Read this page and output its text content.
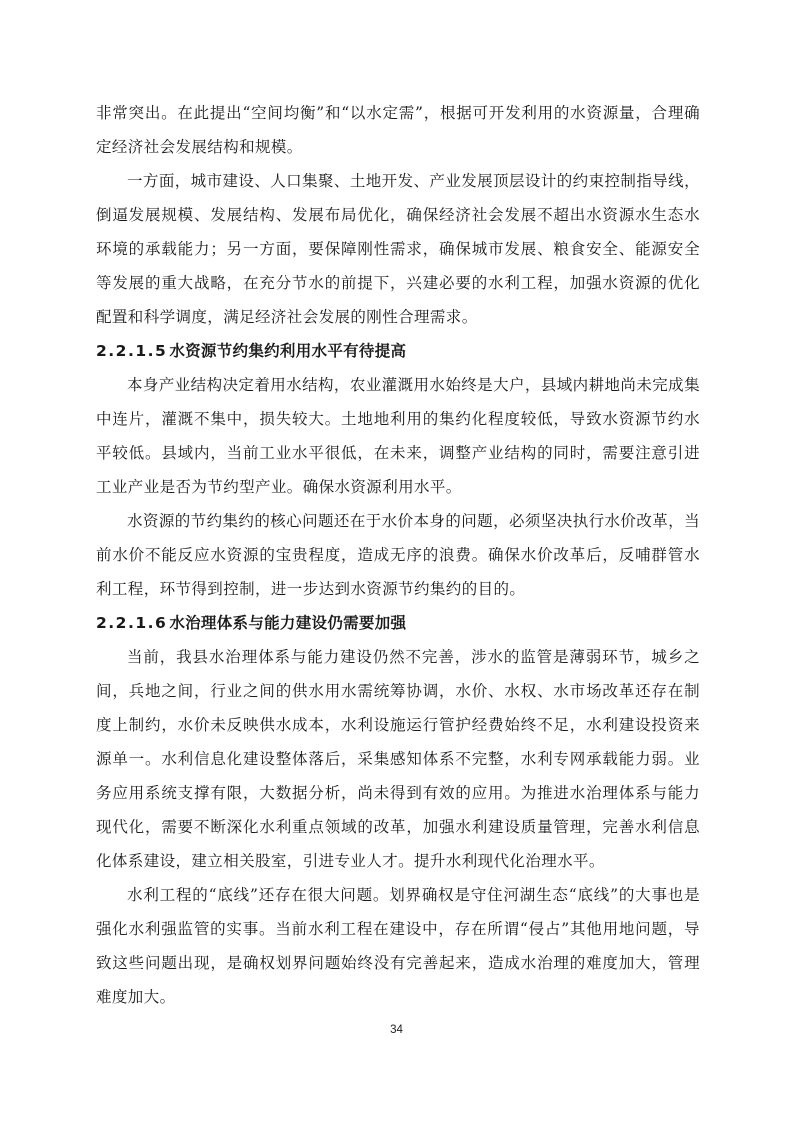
非常突出。在此提出“空间均衡”和“以水定需”，根据可开发利用的水资源量，合理确定经济社会发展结构和规模。

一方面，城市建设、人口集聚、土地开发、产业发展顶层设计的约束控制指导线，倒逼发展规模、发展结构、发展布局优化，确保经济社会发展不超出水资源水生态水环境的承载能力；另一方面，要保障刚性需求，确保城市发展、粮食安全、能源安全等发展的重大战略，在充分节水的前提下，兴建必要的水利工程，加强水资源的优化配置和科学调度，满足经济社会发展的刚性合理需求。

2.2.1.5 水资源节约集约利用水平有待提高

本身产业结构决定着用水结构，农业灌溉用水始终是大户，县域内耕地尚未完成集中连片，灌溉不集中，损失较大。土地地利用的集约化程度较低，导致水资源节约水平较低。县域内，当前工业水平很低，在未来，调整产业结构的同时，需要注意引进工业产业是否为节约型产业。确保水资源利用水平。

水资源的节约集约的核心问题还在于水价本身的问题，必须坚决执行水价改革，当前水价不能反应水资源的宝贵程度，造成无序的浪费。确保水价改革后，反哺群管水利工程，环节得到控制，进一步达到水资源节约集约的目的。

2.2.1.6 水治理体系与能力建设仍需要加强

当前，我县水治理体系与能力建设仍然不完善，涉水的监管是薄弱环节，城乡之间，兵地之间，行业之间的供水用水需统筹协调，水价、水权、水市场改革还存在制度上制约，水价未反映供水成本，水利设施运行管护经费始终不足，水利建设投资来源单一。水利信息化建设整体落后，采集感知体系不完整，水利专网承载能力弱。业务应用系统支撑有限，大数据分析，尚未得到有效的应用。为推进水治理体系与能力现代化，需要不断深化水利重点领域的改革，加强水利建设质量管理，完善水利信息化体系建设，建立相关股室，引进专业人才。提升水利现代化治理水平。

水利工程的“底线”还存在很大问题。划界确权是守住河湖生态“底线”的大事也是强化水利强监管的实事。当前水利工程在建设中，存在所谓“侵占”其他用地问题，导致这些问题出现，是确权划界问题始终没有完善起来，造成水治理的难度加大，管理难度加大。

34
